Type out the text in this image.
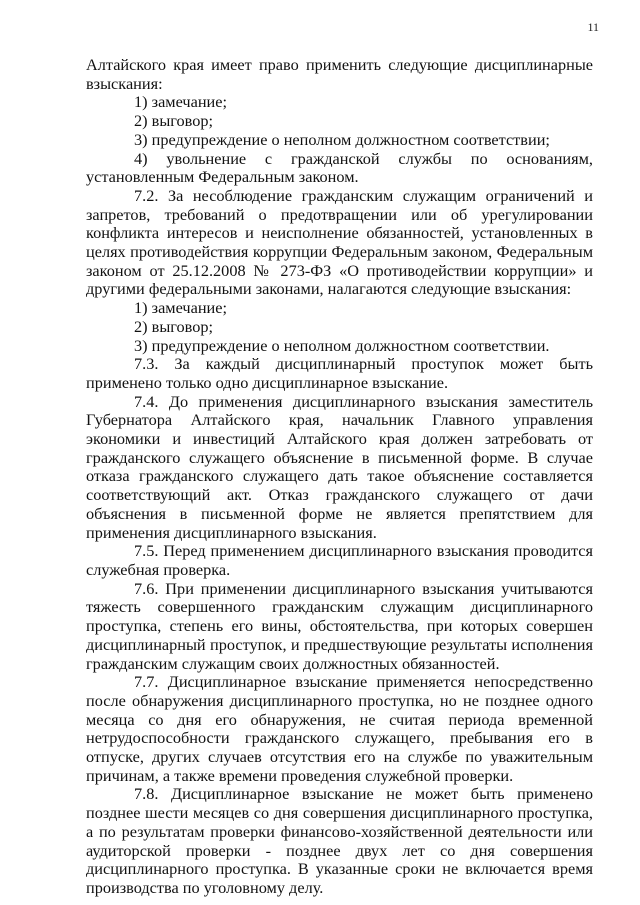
11

Алтайского края имеет право применить следующие дисциплинарные взыскания:

1) замечание;

2) выговор;

3) предупреждение о неполном должностном соответствии;

4) увольнение с гражданской службы по основаниям, установленным Федеральным законом.

7.2. За несоблюдение гражданским служащим ограничений и запретов, требований о предотвращении или об урегулировании конфликта интересов и неисполнение обязанностей, установленных в целях противодействия коррупции Федеральным законом, Федеральным законом от 25.12.2008 № 273-ФЗ «О противодействии коррупции» и другими федеральными законами, налагаются следующие взыскания:

1) замечание;

2) выговор;

3) предупреждение о неполном должностном соответствии.

7.3. За каждый дисциплинарный проступок может быть применено только одно дисциплинарное взыскание.

7.4. До применения дисциплинарного взыскания заместитель Губернатора Алтайского края, начальник Главного управления экономики и инвестиций Алтайского края должен затребовать от гражданского служащего объяснение в письменной форме. В случае отказа гражданского служащего дать такое объяснение составляется соответствующий акт. Отказ гражданского служащего от дачи объяснения в письменной форме не является препятствием для применения дисциплинарного взыскания.

7.5. Перед применением дисциплинарного взыскания проводится служебная проверка.

7.6. При применении дисциплинарного взыскания учитываются тяжесть совершенного гражданским служащим дисциплинарного проступка, степень его вины, обстоятельства, при которых совершен дисциплинарный проступок, и предшествующие результаты исполнения гражданским служащим своих должностных обязанностей.

7.7. Дисциплинарное взыскание применяется непосредственно после обнаружения дисциплинарного проступка, но не позднее одного месяца со дня его обнаружения, не считая периода временной нетрудоспособности гражданского служащего, пребывания его в отпуске, других случаев отсутствия его на службе по уважительным причинам, а также времени проведения служебной проверки.

7.8. Дисциплинарное взыскание не может быть применено позднее шести месяцев со дня совершения дисциплинарного проступка, а по результатам проверки финансово-хозяйственной деятельности или аудиторской проверки - позднее двух лет со дня совершения дисциплинарного проступка. В указанные сроки не включается время производства по уголовному делу.
